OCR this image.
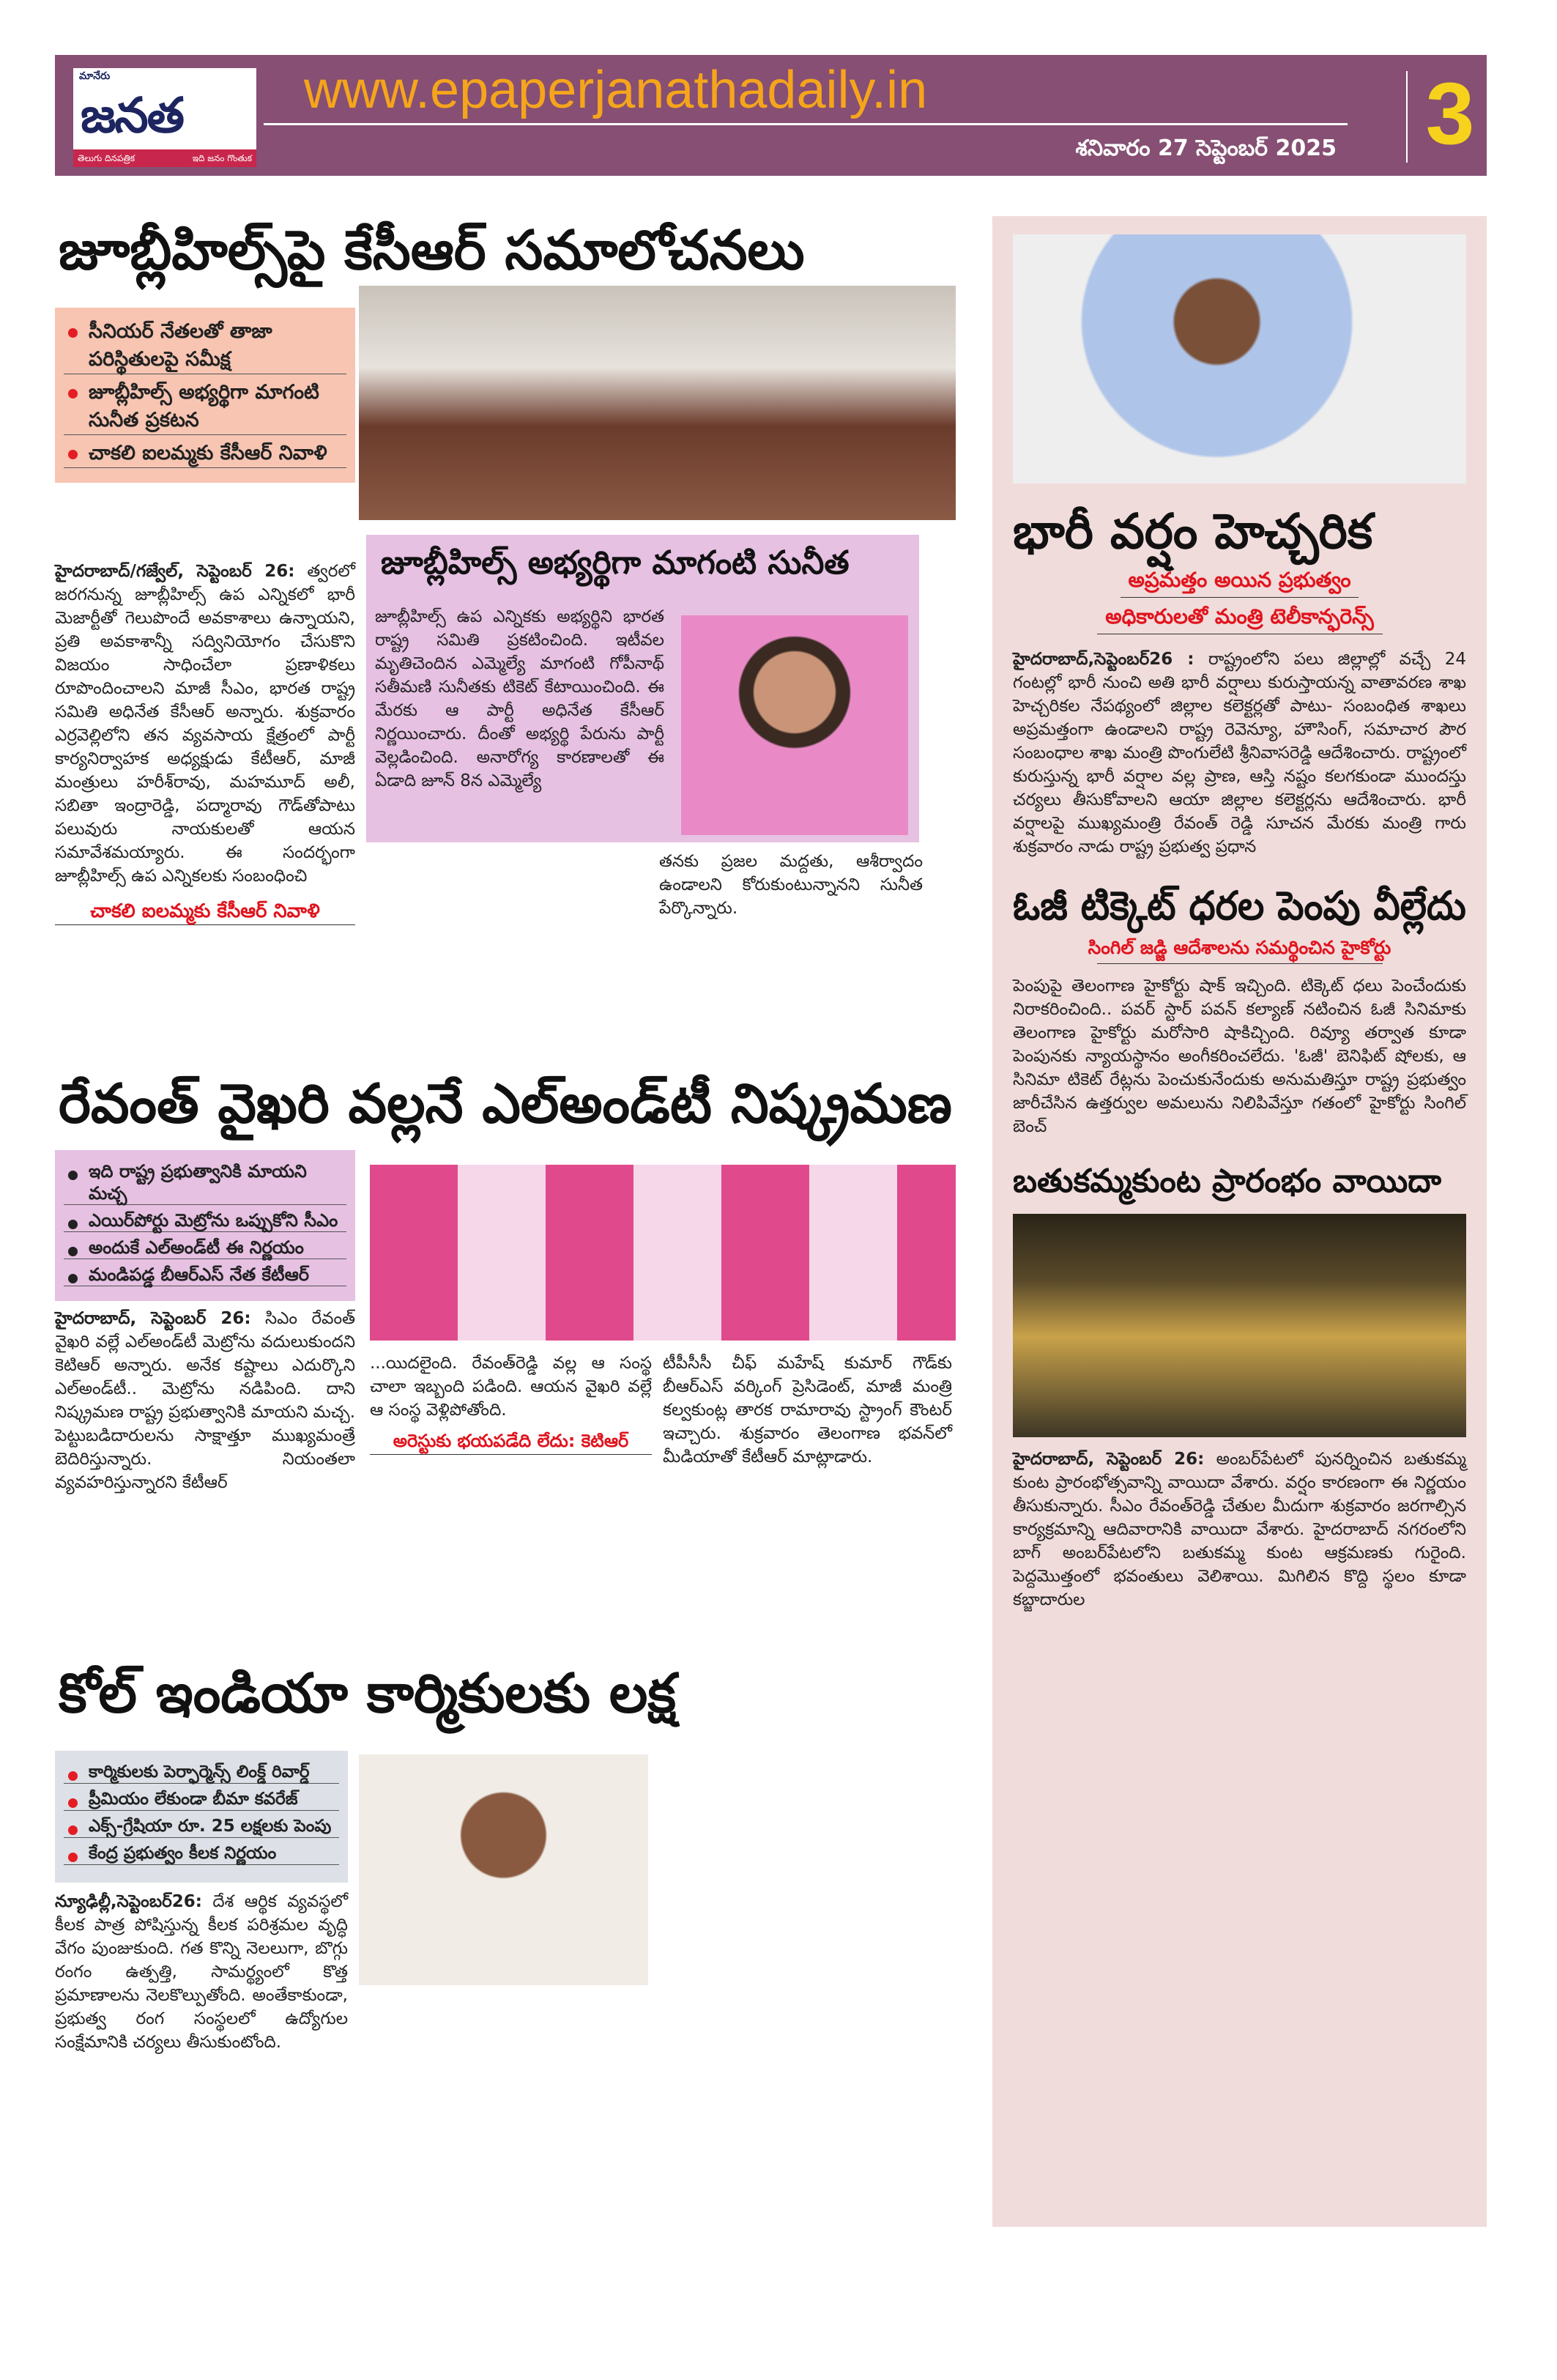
మానేరు
జనత
తెలుగు దినపత్రిక	ఇది జనం గొంతుక
www.epaperjanathadaily.in
శనివారం 27 సెప్టెంబర్ 2025 3
జూబ్లీహిల్స్‌పై కేసీఆర్ సమాలోచనలు
సీనియర్ నేతలతో తాజా పరిస్థితులపై సమీక్ష
జూబ్లీహిల్స్ అభ్యర్థిగా మాగంటి సునీత ప్రకటన
చాకలి ఐలమ్మకు కేసీఆర్ నివాళి
హైదరాబాద్/గజ్వేల్, సెప్టెంబర్ 26: త్వరలో జరగనున్న జూబ్లీహిల్స్ ఉప ఎన్నికలో భారీ మెజార్టీతో గెలుపొందే అవకాశాలు ఉన్నాయని, ప్రతి అవకాశాన్నీ సద్వినియోగం చేసుకొని విజయం సాధించేలా ప్రణాళికలు రూపొందించాలని మాజీ సీఎం, భారత రాష్ట్ర సమితి అధినేత కేసీఆర్ అన్నారు. శుక్రవారం ఎర్రవెల్లిలోని తన వ్యవసాయ క్షేత్రంలో పార్టీ కార్యనిర్వాహక అధ్యక్షుడు కేటీఆర్, మాజీ మంత్రులు హరీశ్‌రావు, మహమూద్ అలీ, సబితా ఇంద్రారెడ్డి, పద్మారావు గౌడ్‌తోపాటు పలువురు నాయకులతో ఆయన సమావేశమయ్యారు. ఈ సందర్భంగా జూబ్లీహిల్స్ ఉప ఎన్నికలకు సంబంధించి
చాకలి ఐలమ్మకు కేసీఆర్ నివాళి
జూబ్లీహిల్స్ అభ్యర్థిగా మాగంటి సునీత
జూబ్లీహిల్స్ ఉప ఎన్నికకు అభ్యర్థిని భారత రాష్ట్ర సమితి ప్రకటించింది. ఇటీవల మృతిచెందిన ఎమ్మెల్యే మాగంటి గోపీనాథ్ సతీమణి సునీతకు టికెట్ కేటాయించింది. ఈ మేరకు ఆ పార్టీ అధినేత కేసీఆర్ నిర్ణయించారు. దీంతో అభ్యర్థి పేరును పార్టీ వెల్లడించింది. అనారోగ్య కారణాలతో ఈ ఏడాది జూన్ 8న ఎమ్మెల్యే
తనకు ప్రజల మద్దతు, ఆశీర్వాదం ఉండాలని కోరుకుంటున్నానని సునీత పేర్కొన్నారు.
రేవంత్ వైఖరి వల్లనే ఎల్అండ్‌టీ నిష్క్రమణ
ఇది రాష్ట్ర ప్రభుత్వానికి మాయని మచ్చ
ఎయిర్‌పోర్టు మెట్రోను ఒప్పుకోని సీఎం
అందుకే ఎల్అండ్‌టీ ఈ నిర్ణయం
మండిపడ్డ బీఆర్ఎస్ నేత కేటీఆర్
హైదరాబాద్, సెప్టెంబర్ 26: సిఎం రేవంత్ వైఖరి వల్లే ఎల్అండ్‌టీ మెట్రోను వదులుకుందని కెటిఆర్ అన్నారు. అనేక కష్టాలు ఎదుర్కొని ఎల్అండ్‌టీ.. మెట్రోను నడిపింది. దాని నిష్క్రమణ రాష్ట్ర ప్రభుత్వానికి మాయని మచ్చ. పెట్టుబడిదారులను సాక్షాత్తూ ముఖ్యమంత్రే బెదిరిస్తున్నారు. నియంతలా వ్యవహరిస్తున్నారని కేటీఆర్
...యిదలైంది. రేవంత్‌రెడ్డి వల్ల ఆ సంస్థ చాలా ఇబ్బంది పడింది. ఆయన వైఖరి వల్లే ఆ సంస్థ వెళ్లిపోతోంది.
అరెస్టుకు భయపడేది లేదు: కెటిఆర్
టీపీసీసీ చీఫ్ మహేష్ కుమార్ గౌడ్‌కు బీఆర్ఎస్ వర్కింగ్ ప్రెసిడెంట్, మాజీ మంత్రి కల్వకుంట్ల తారక రామారావు స్ట్రాంగ్ కౌంటర్ ఇచ్చారు. శుక్రవారం తెలంగాణ భవన్‌లో మీడియాతో కేటీఆర్ మాట్లాడారు.
కోల్ ఇండియా కార్మికులకు లక్ష
కార్మికులకు పెర్ఫార్మెన్స్ లింక్డ్ రివార్డ్
ప్రీమియం లేకుండా బీమా కవరేజ్
ఎక్స్-గ్రేషియా రూ. 25 లక్షలకు పెంపు
కేంద్ర ప్రభుత్వం కీలక నిర్ణయం
న్యూఢిల్లీ,సెప్టెంబర్26: దేశ ఆర్థిక వ్యవస్థలో కీలక పాత్ర పోషిస్తున్న కీలక పరిశ్రమల వృద్ధి వేగం పుంజుకుంది. గత కొన్ని నెలలుగా, బొగ్గు రంగం ఉత్పత్తి, సామర్థ్యంలో కొత్త ప్రమాణాలను నెలకొల్పుతోంది. అంతేకాకుండా, ప్రభుత్వ రంగ సంస్థలలో ఉద్యోగుల సంక్షేమానికి చర్యలు తీసుకుంటోంది.
భారీ వర్షం హెచ్చరిక
అప్రమత్తం అయిన ప్రభుత్వం
అధికారులతో మంత్రి టెలీకాన్ఫరెన్స్
హైదరాబాద్,సెప్టెంబర్26 : రాష్ట్రంలోని పలు జిల్లాల్లో వచ్చే 24 గంటల్లో భారీ నుంచి అతి భారీ వర్షాలు కురుస్తాయన్న వాతావరణ శాఖ హెచ్చరికల నేపథ్యంలో జిల్లాల కలెక్టర్లతో పాటు- సంబంధిత శాఖలు అప్రమత్తంగా ఉండాలని రాష్ట్ర రెవెన్యూ, హౌసింగ్, సమాచార పౌర సంబంధాల శాఖ మంత్రి పొంగులేటి శ్రీనివాసరెడ్డి ఆదేశించారు. రాష్ట్రంలో కురుస్తున్న భారీ వర్షాల వల్ల ప్రాణ, ఆస్తి నష్టం కలగకుండా ముందస్తు చర్యలు తీసుకోవాలని ఆయా జిల్లాల కలెక్టర్లను ఆదేశించారు. భారీ వర్షాలపై ముఖ్యమంత్రి రేవంత్ రెడ్డి సూచన మేరకు మంత్రి గారు శుక్రవారం నాడు రాష్ట్ర ప్రభుత్వ ప్రధాన
ఓజీ టిక్కెట్ ధరల పెంపు వీల్లేదు
సింగిల్ జడ్జి ఆదేశాలను సమర్థించిన హైకోర్టు
పెంపుపై తెలంగాణ హైకోర్టు షాక్ ఇచ్చింది. టిక్కెట్ ధలు పెంచేందుకు నిరాకరించింది.. పవర్ స్టార్ పవన్ కల్యాణ్ నటించిన ఓజీ సినిమాకు తెలంగాణ హైకోర్టు మరోసారి షాకిచ్చింది. రివ్యూ తర్వాత కూడా పెంపునకు న్యాయస్థానం అంగీకరించలేదు. 'ఓజీ' బెనిఫిట్ షోలకు, ఆ సినిమా టికెట్ రేట్లను పెంచుకునేందుకు అనుమతిస్తూ రాష్ట్ర ప్రభుత్వం జారీచేసిన ఉత్తర్వుల అమలును నిలిపివేస్తూ గతంలో హైకోర్టు సింగిల్ బెంచ్
బతుకమ్మకుంట ప్రారంభం వాయిదా
హైదరాబాద్, సెప్టెంబర్ 26: అంబర్‌పేటలో పునర్నించిన బతుకమ్మ కుంట ప్రారంభోత్సవాన్ని వాయిదా వేశారు. వర్షం కారణంగా ఈ నిర్ణయం తీసుకున్నారు. సీఎం రేవంత్‌రెడ్డి చేతుల మీదుగా శుక్రవారం జరగాల్సిన కార్యక్రమాన్ని ఆదివారానికి వాయిదా వేశారు. హైదరాబాద్ నగరంలోని బాగ్ అంబర్‌పేటలోని బతుకమ్మ కుంట ఆక్రమణకు గురైంది. పెద్దమొత్తంలో భవంతులు వెలిశాయి. మిగిలిన కొద్ది స్థలం కూడా కబ్జాదారుల
